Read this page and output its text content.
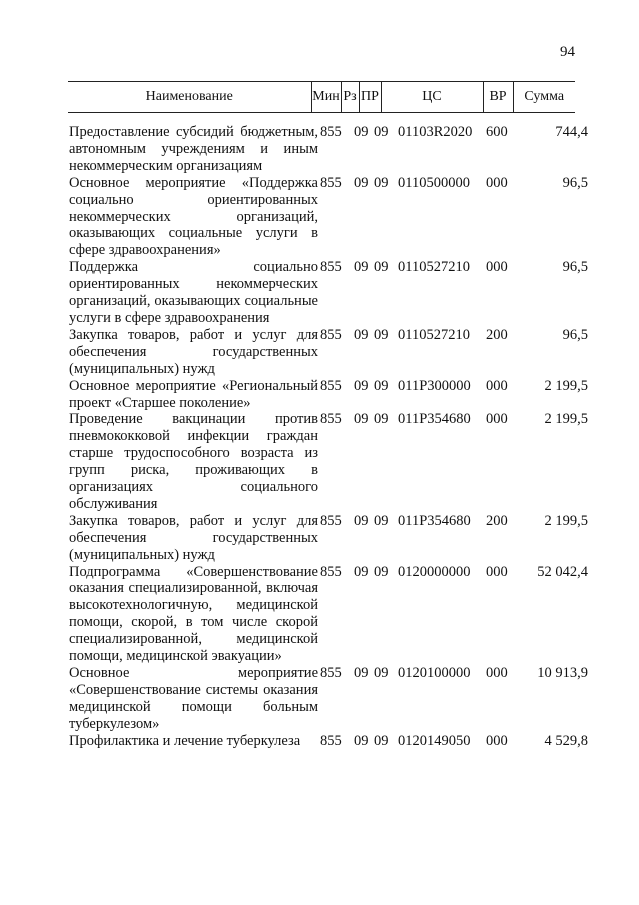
94
Наименование	Мин	Рз	ПР	ЦС	ВР	Сумма
Предоставление субсидий бюджетным, автономным учреждениям и иным некоммерческим организациям
855 09 09 01103R2020 600	744,4
Основное мероприятие «Поддержка социально ориентированных некоммерческих организаций, оказывающих социальные услуги в сфере здравоохранения»
855 09 09 0110500000	000	96,5
Поддержка социально ориентированных некоммерческих организаций, оказывающих социальные услуги в сфере здравоохранения
855 09 09 0110527210	000	96,5
Закупка товаров, работ и услуг для обеспечения государственных (муниципальных) нужд
855 09 09 0110527210	200	96,5
Основное мероприятие «Региональный проект «Старшее поколение»
855 09 09 011P300000	000	2 199,5
Проведение вакцинации против пневмококковой инфекции граждан старше трудоспособного возраста из групп риска, проживающих в организациях социального обслуживания
855 09 09 011P354680	000	2 199,5
Закупка товаров, работ и услуг для обеспечения государственных (муниципальных) нужд
855 09 09 011P354680	200	2 199,5
Подпрограмма «Совершенствование оказания специализированной, включая высокотехнологичную, медицинской помощи, скорой, в том числе скорой специализированной, медицинской помощи, медицинской эвакуации»
855 09 09 0120000000	000	52 042,4
Основное мероприятие «Совершенствование системы оказания медицинской помощи больным туберкулезом»
855 09 09 0120100000	000	10 913,9
Профилактика и лечение туберкулеза	855 09 09 0120149050	000	4 529,8
